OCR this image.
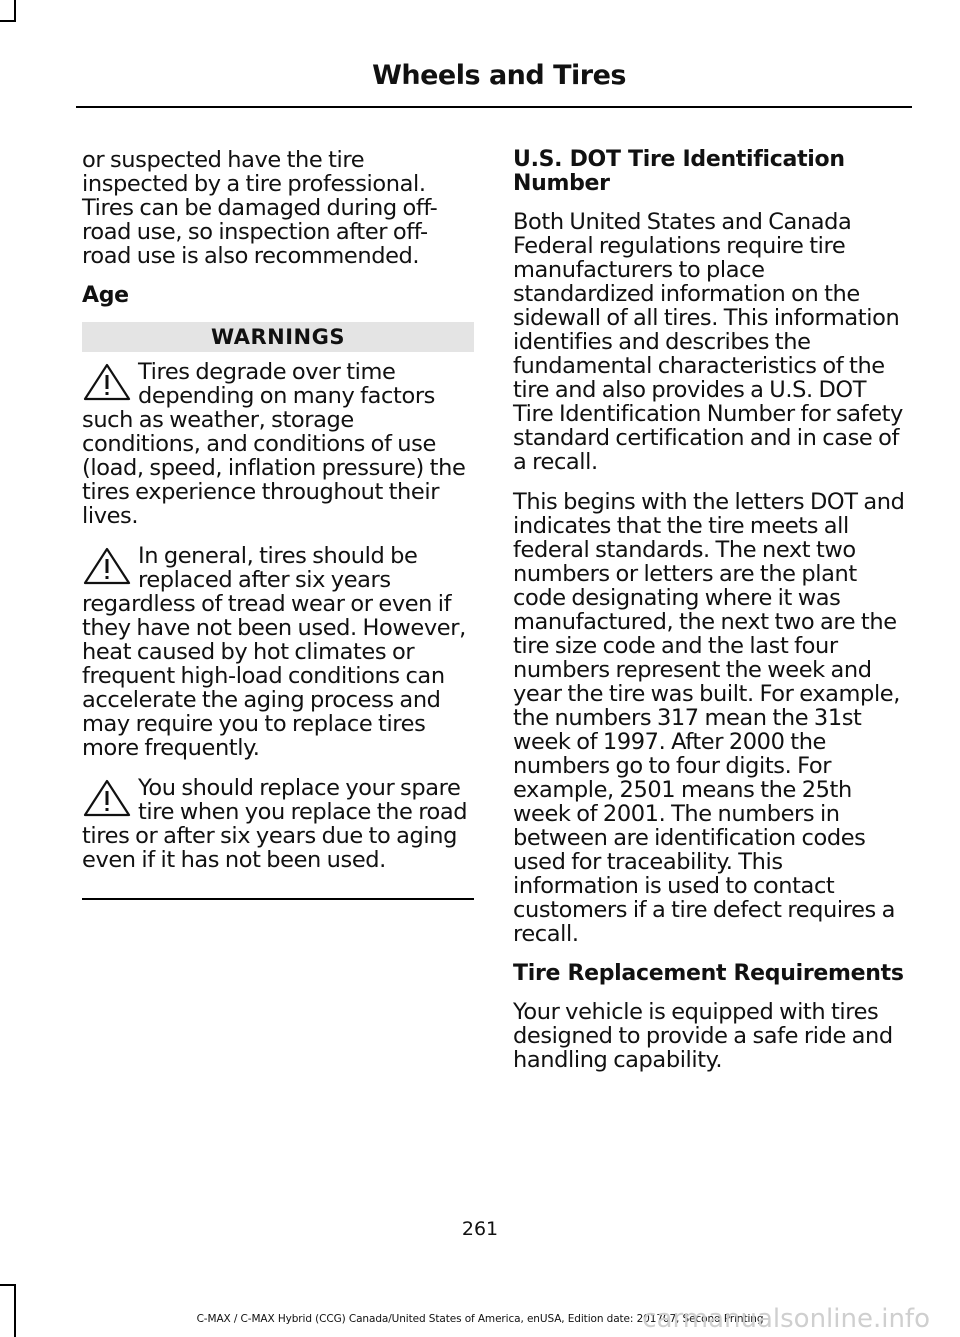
Wheels and Tires

or suspected have the tire inspected by a tire professional. Tires can be damaged during off-road use, so inspection after off-road use is also recommended.

Age
WARNINGS
Tires degrade over time depending on many factors such as weather, storage conditions, and conditions of use (load, speed, inflation pressure) the tires experience throughout their lives.
In general, tires should be replaced after six years regardless of tread wear or even if they have not been used. However, heat caused by hot climates or frequent high-load conditions can accelerate the aging process and may require you to replace tires more frequently.
You should replace your spare tire when you replace the road tires or after six years due to aging even if it has not been used.
U.S. DOT Tire Identification Number

Both United States and Canada Federal regulations require tire manufacturers to place standardized information on the sidewall of all tires. This information identifies and describes the fundamental characteristics of the tire and also provides a U.S. DOT Tire Identification Number for safety standard certification and in case of a recall.

This begins with the letters DOT and indicates that the tire meets all federal standards. The next two numbers or letters are the plant code designating where it was manufactured, the next two are the tire size code and the last four numbers represent the week and year the tire was built. For example, the numbers 317 mean the 31st week of 1997. After 2000 the numbers go to four digits. For example, 2501 means the 25th week of 2001. The numbers in between are identification codes used for traceability. This information is used to contact customers if a tire defect requires a recall.

Tire Replacement Requirements

Your vehicle is equipped with tires designed to provide a safe ride and handling capability.

261
C-MAX / C-MAX Hybrid (CCG) Canada/United States of America, enUSA, Edition date: 201707, Second Printing
carmanualsonline.info
